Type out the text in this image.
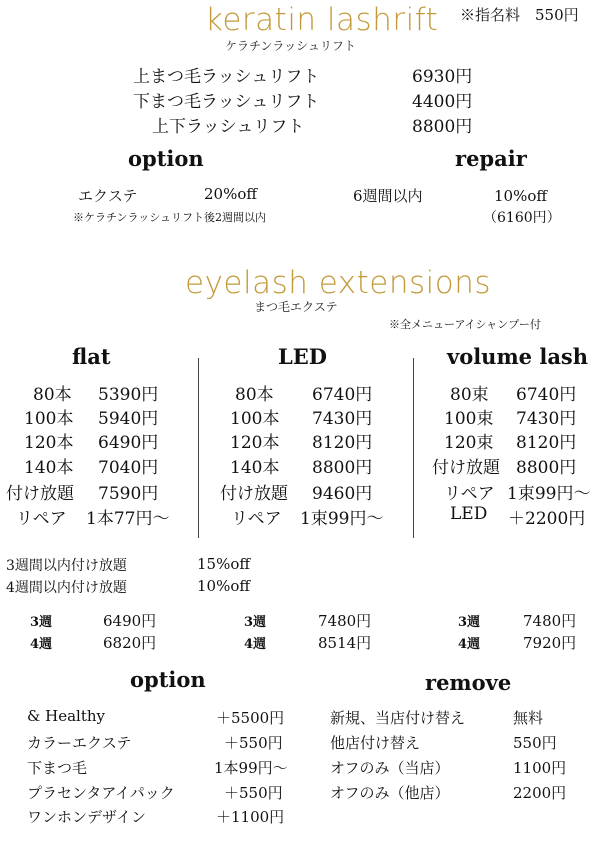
keratin lashrift
ケラチンラッシュリフト
※指名料　550円
上まつ毛ラッシュリフト	6930円
下まつ毛ラッシュリフト	4400円
上下ラッシュリフト	8800円
option	repair
エクステ	20%off
※ケラチンラッシュリフト後2週間以内
6週間以内	10%off
（6160円）
eyelash extensions
まつ毛エクステ
※全メニューアイシャンプー付
flat	LED	volume lash
80本 5390円
100本 5940円
120本 6490円
140本 7040円
付け放題 7590円
リペア 1本77円～
80本 6740円
100本 7430円
120本 8120円
140本 8800円
付け放題 9460円
リペア 1束99円～
80束 6740円
100束 7430円
120束 8120円
付け放題 8800円
リペア 1束99円～
LED ＋2200円
3週間以内付け放題	15%off
4週間以内付け放題	10%off
3週	6490円
4週	6820円
3週	7480円
4週	8514円
3週	7480円
4週	7920円
option	remove
& Healthy	＋5500円
カラーエクステ	＋550円
下まつ毛	1本99円～
プラセンタアイパック	＋550円
ワンホンデザイン	＋1100円
新規、当店付け替え	無料
他店付け替え	550円
オフのみ（当店）	1100円
オフのみ（他店）	2200円
